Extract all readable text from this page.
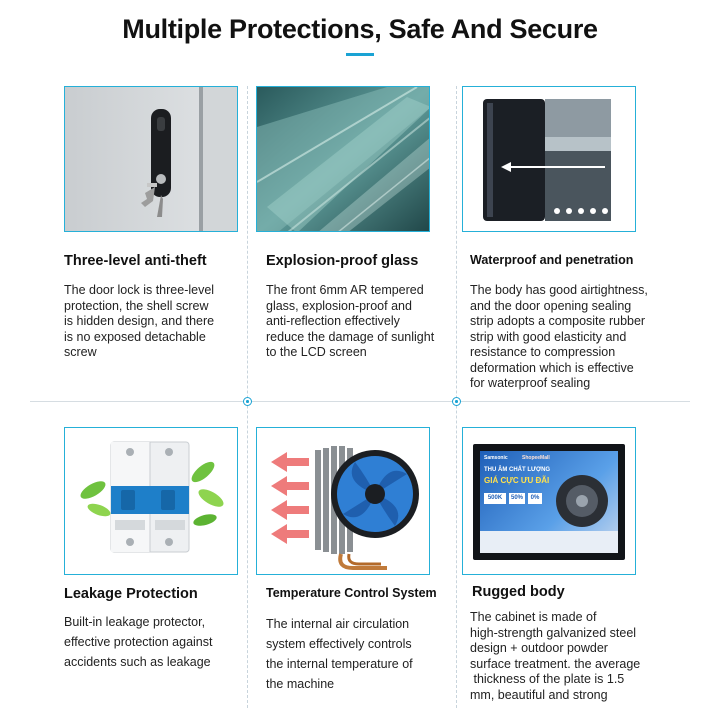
Multiple Protections, Safe And Secure
Three-level anti-theft
The door lock is three-level
protection, the shell screw
is hidden design, and there
is no exposed detachable
screw
Explosion-proof glass
The front 6mm AR tempered
glass, explosion-proof and
anti-reflection effectively
reduce the damage of sunlight
to the LCD screen
Waterproof and penetration
The body has good airtightness,
and the door opening sealing
strip adopts a composite rubber
strip with good elasticity and
resistance to compression
deformation which is effective
for waterproof sealing
Leakage Protection
Built-in leakage protector,
effective protection against
accidents such as leakage
Temperature Control System
The internal air circulation
system effectively controls
the internal temperature of
the machine
Samsonic	ShopeeMall
THU ÂM CHẤT LƯỢNG
GIÁ CỰC ƯU ĐÃI
500K	50%	0%
Rugged body
The cabinet is made of
high-strength galvanized steel
design + outdoor powder
surface treatment. the average
thickness of the plate is 1.5
mm, beautiful and strong
